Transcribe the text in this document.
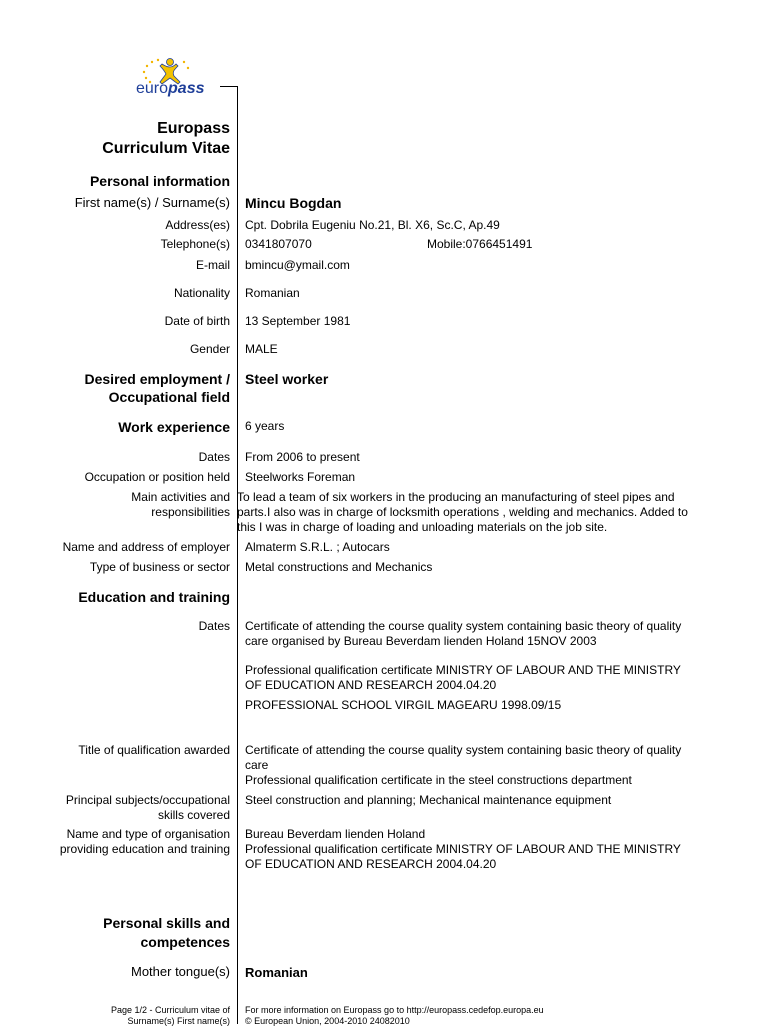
europass
Europass
Curriculum Vitae
Personal information
First name(s) / Surname(s) Mincu Bogdan
Address(es) Cpt. Dobrila Eugeniu No.21, Bl. X6, Sc.C, Ap.49
Telephone(s) 0341807070	Mobile:0766451491
E-mail bmincu@ymail.com
Nationality Romanian
Date of birth 13 September 1981
Gender MALE
Desired employment /
Occupational field
Steel worker
Work experience 6 years
Dates From 2006 to present
Occupation or position held Steelworks Foreman
Main activities and
responsibilities
To lead a team of six workers in the producing an manufacturing of steel pipes and
parts.I also was in charge of locksmith operations , welding and mechanics. Added to
this I was in charge of loading and unloading materials on the job site.
Name and address of employer Almaterm S.R.L. ; Autocars
Type of business or sector Metal constructions and Mechanics
Education and training
Dates Certificate of attending the course quality system containing basic theory of quality
care organised by Bureau Beverdam lienden Holand 15NOV 2003
Professional qualification certificate MINISTRY OF LABOUR AND THE MINISTRY
OF EDUCATION AND RESEARCH 2004.04.20
PROFESSIONAL SCHOOL VIRGIL MAGEARU 1998.09/15
Title of qualification awarded Certificate of attending the course quality system containing basic theory of quality
care
Professional qualification certificate in the steel constructions department
Principal subjects/occupational
skills covered
Steel construction and planning; Mechanical maintenance equipment
Name and type of organisation
providing education and training
Bureau Beverdam lienden Holand
Professional qualification certificate MINISTRY OF LABOUR AND THE MINISTRY
OF EDUCATION AND RESEARCH 2004.04.20
Personal skills and
competences
Mother tongue(s) Romanian
Page 1/2 - Curriculum vitae of
Surname(s) First name(s)
For more information on Europass go to http://europass.cedefop.europa.eu
© European Union, 2004-2010 24082010
